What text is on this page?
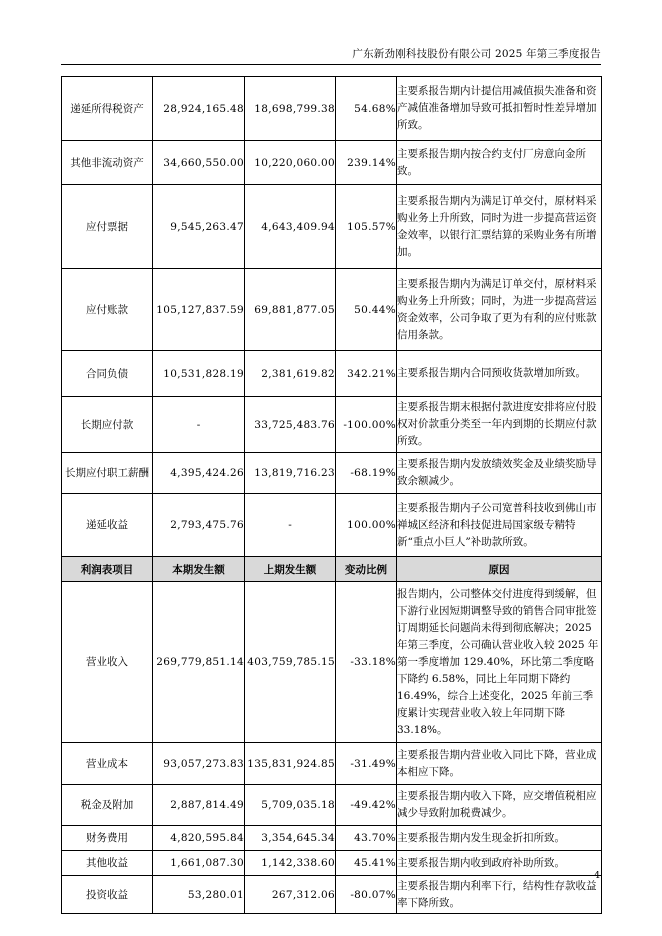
广东新劲刚科技股份有限公司 2025 年第三季度报告
递延所得税资产	28,924,165.48	18,698,799.38	54.68%	主要系报告期内计提信用减值损失准备和资产减值准备增加导致可抵扣暂时性差异增加所致。
其他非流动资产	34,660,550.00	10,220,060.00	239.14%	主要系报告期内按合约支付厂房意向金所致。
应付票据	9,545,263.47	4,643,409.94	105.57%	主要系报告期内为满足订单交付，原材料采购业务上升所致，同时为进一步提高营运资金效率，以银行汇票结算的采购业务有所增加。
应付账款	105,127,837.59	69,881,877.05	50.44%	主要系报告期内为满足订单交付，原材料采购业务上升所致；同时，为进一步提高营运资金效率，公司争取了更为有利的应付账款信用条款。
合同负债	10,531,828.19	2,381,619.82	342.21%	主要系报告期内合同预收货款增加所致。
长期应付款	-	33,725,483.76	-100.00%	主要系报告期末根据付款进度安排将应付股权对价款重分类至一年内到期的长期应付款所致。
长期应付职工薪酬	4,395,424.26	13,819,716.23	-68.19%	主要系报告期内发放绩效奖金及业绩奖励导致余额减少。
递延收益	2,793,475.76	-	100.00%	主要系报告期内子公司宽普科技收到佛山市禅城区经济和科技促进局国家级专精特新“重点小巨人”补助款所致。
利润表项目	本期发生额	上期发生额	变动比例	原因
营业收入	269,779,851.14	403,759,785.15	-33.18%	报告期内，公司整体交付进度得到缓解，但下游行业因短期调整导致的销售合同审批签订周期延长问题尚未得到彻底解决；2025 年第三季度，公司确认营业收入较 2025 年第一季度增加 129.40%，环比第二季度略下降约 6.58%，同比上年同期下降约 16.49%，综合上述变化，2025 年前三季度累计实现营业收入较上年同期下降 33.18%。
营业成本	93,057,273.83	135,831,924.85	-31.49%	主要系报告期内营业收入同比下降，营业成本相应下降。
税金及附加	2,887,814.49	5,709,035.18	-49.42%	主要系报告期内收入下降，应交增值税相应减少导致附加税费减少。
财务费用	4,820,595.84	3,354,645.34	43.70%	主要系报告期内发生现金折扣所致。
其他收益	1,661,087.30	1,142,338.60	45.41%	主要系报告期内收到政府补助所致。
投资收益	53,280.01	267,312.06	-80.07%	主要系报告期内利率下行，结构性存款收益率下降所致。
4
